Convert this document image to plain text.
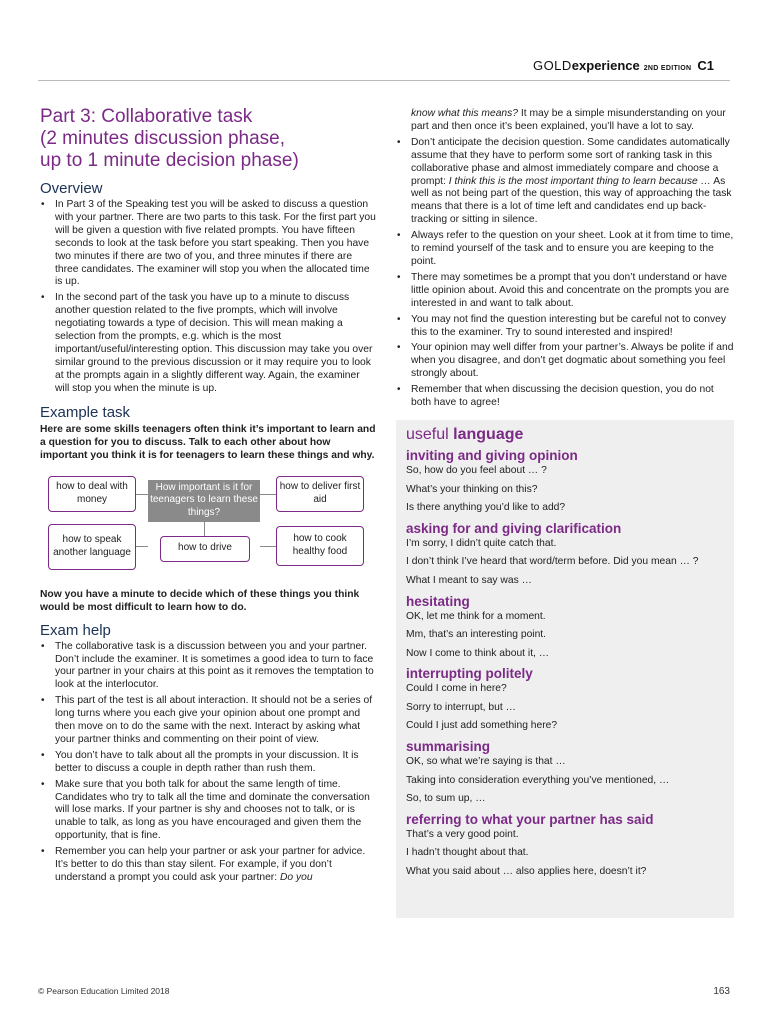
GOLDexperience 2ND EDITION C1
Part 3: Collaborative task
(2 minutes discussion phase,
up to 1 minute decision phase)
Overview
• In Part 3 of the Speaking test you will be asked to discuss a question with your partner. There are two parts to this task. For the first part you will be given a question with five related prompts. You have fifteen seconds to look at the task before you start speaking. Then you have two minutes if there are two of you, and three minutes if there are three candidates. The examiner will stop you when the allocated time is up.
• In the second part of the task you have up to a minute to discuss another question related to the five prompts, which will involve negotiating towards a type of decision. This will mean making a selection from the prompts, e.g. which is the most important/useful/interesting option. This discussion may take you over similar ground to the previous discussion or it may require you to look at the prompts again in a slightly different way. Again, the examiner will stop you when the minute is up.
Example task

Here are some skills teenagers often think it’s important to learn and a question for you to discuss. Talk to each other about how important you think it is for teenagers to learn these things and why.

how to deal with money
How important is it for teenagers to learn these things?
how to deliver first aid
how to speak another language	how to drive
how to cook healthy food

Now you have a minute to decide which of these things you think would be most difficult to learn how to do.

Exam help
• The collaborative task is a discussion between you and your partner. Don’t include the examiner. It is sometimes a good idea to turn to face your partner in your chairs at this point as it removes the temptation to look at the interlocutor.
• This part of the test is all about interaction. It should not be a series of long turns where you each give your opinion about one prompt and then move on to do the same with the next. Interact by asking what your partner thinks and commenting on their point of view.
• You don’t have to talk about all the prompts in your discussion. It is better to discuss a couple in depth rather than rush them.
• Make sure that you both talk for about the same length of time. Candidates who try to talk all the time and dominate the conversation will lose marks. If your partner is shy and chooses not to talk, or is unable to talk, as long as you have encouraged and given them the opportunity, that is fine.
• Remember you can help your partner or ask your partner for advice. It’s better to do this than stay silent. For example, if you don’t understand a prompt you could ask your partner: Do you
know what this means? It may be a simple misunderstanding on your part and then once it’s been explained, you’ll have a lot to say.
• Don’t anticipate the decision question. Some candidates automatically assume that they have to perform some sort of ranking task in this collaborative phase and almost immediately compare and choose a prompt: I think this is the most important thing to learn because … As well as not being part of the question, this way of approaching the task means that there is a lot of time left and candidates end up back-tracking or sitting in silence.
• Always refer to the question on your sheet. Look at it from time to time, to remind yourself of the task and to ensure you are keeping to the point.
• There may sometimes be a prompt that you don’t understand or have little opinion about. Avoid this and concentrate on the prompts you are interested in and want to talk about.
• You may not find the question interesting but be careful not to convey this to the examiner. Try to sound interested and inspired!
• Your opinion may well differ from your partner’s. Always be polite if and when you disagree, and don’t get dogmatic about something you feel strongly about.
• Remember that when discussing the decision question, you do not both have to agree!
useful language
inviting and giving opinion

So, how do you feel about … ?

What’s your thinking on this?

Is there anything you’d like to add?

asking for and giving clarification

I’m sorry, I didn’t quite catch that.

I don’t think I’ve heard that word/term before. Did you mean … ?

What I meant to say was …

hesitating

OK, let me think for a moment.

Mm, that’s an interesting point.

Now I come to think about it, …

interrupting politely

Could I come in here?

Sorry to interrupt, but …

Could I just add something here?

summarising

OK, so what we’re saying is that …

Taking into consideration everything you’ve mentioned, …

So, to sum up, …

referring to what your partner has said

That’s a very good point.

I hadn’t thought about that.

What you said about … also applies here, doesn’t it?

© Pearson Education Limited 2018	163
